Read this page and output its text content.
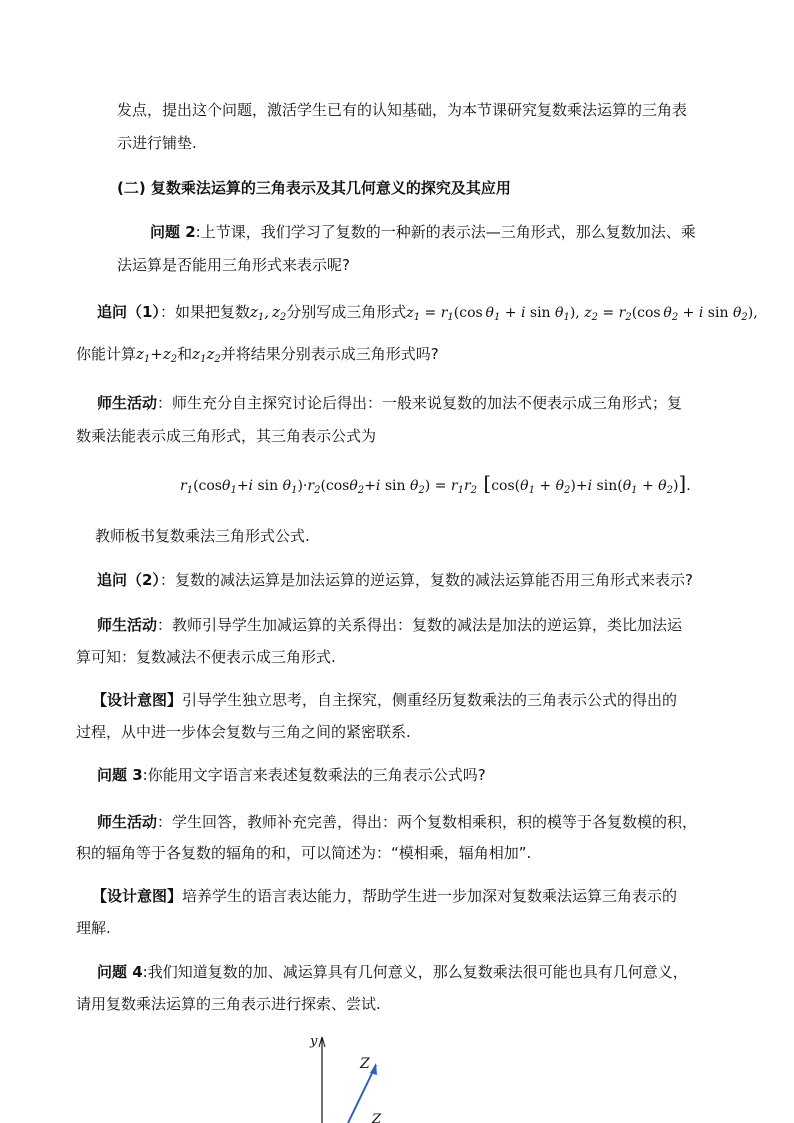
发点，提出这个问题，激活学生已有的认知基础，为本节课研究复数乘法运算的三角表
示进行铺垫.
(二) 复数乘法运算的三角表示及其几何意义的探究及其应用
问题 2:上节课，我们学习了复数的一种新的表示法—三角形式，那么复数加法、乘
法运算是否能用三角形式来表示呢?
追问（1）：如果把复数$z_1$, $z_2$分别写成三角形式$z_1 = r_1(\cos$ $\theta_1 + i$ $\sin \theta_1$), $z_2 = r_2(\cos$ $\theta_2 + i$ $\sin \theta_2$),
你能计算$z_1+z_2$和$z_1z_2$并将结果分别表示成三角形式吗?
师生活动：师生充分自主探究讨论后得出：一般来说复数的加法不便表示成三角形式；复
数乘法能表示成三角形式，其三角表示公式为
$r_1(\cos\theta_1+i$ $\sin \theta_1)\cdot r_2(\cos\theta_2+i$ $\sin \theta_2) = r_1r_2$ [$\cos(\theta_1 + \theta_2)+i$ $\sin(\theta_1 + \theta_2)$].
教师板书复数乘法三角形式公式.
追问（2）：复数的减法运算是加法运算的逆运算，复数的减法运算能否用三角形式来表示?
师生活动：教师引导学生加减运算的关系得出：复数的减法是加法的逆运算，类比加法运
算可知：复数减法不便表示成三角形式.
【设计意图】引导学生独立思考，自主探究，侧重经历复数乘法的三角表示公式的得出的
过程，从中进一步体会复数与三角之间的紧密联系.
问题 3:你能用文字语言来表述复数乘法的三角表示公式吗?
师生活动：学生回答，教师补充完善，得出：两个复数相乘积，积的模等于各复数模的积，
积的辐角等于各复数的辐角的和，可以简述为：“模相乘，辐角相加”.
【设计意图】培养学生的语言表达能力，帮助学生进一步加深对复数乘法运算三角表示的
理解.
问题 4:我们知道复数的加、减运算具有几何意义，那么复数乘法很可能也具有几何意义，
请用复数乘法运算的三角表示进行探索、尝试.
y
Z
Z
